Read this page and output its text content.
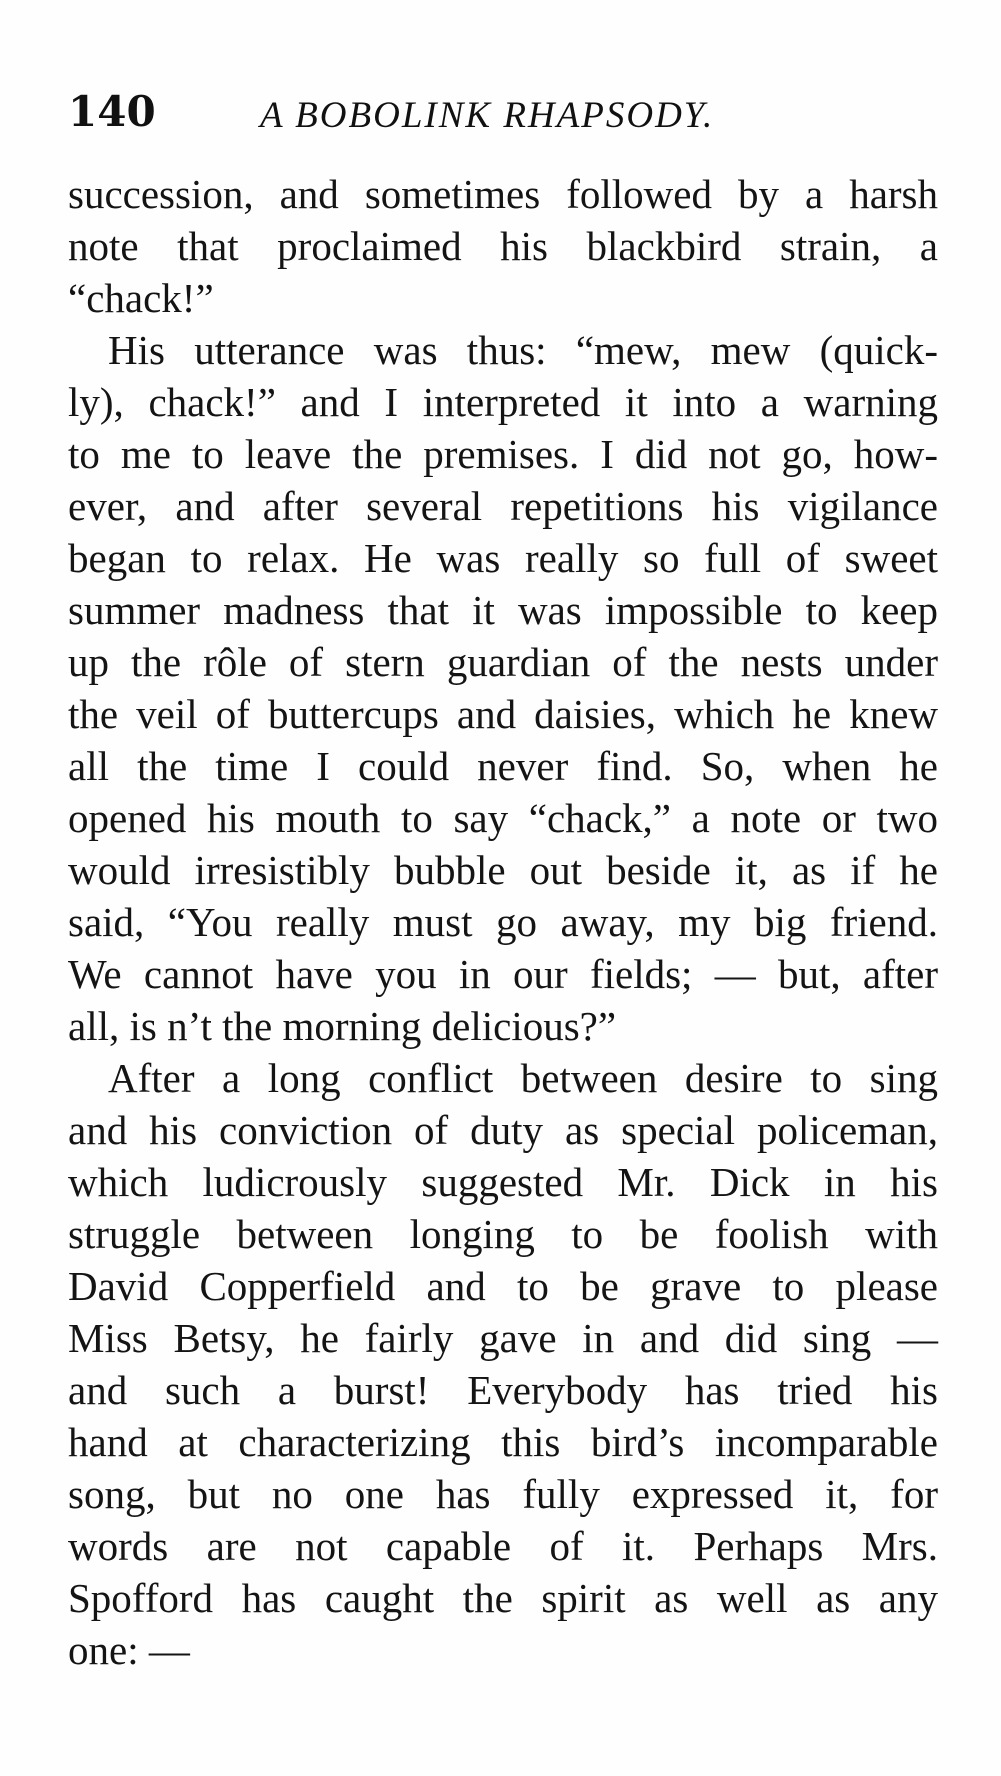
140	A BOBOLINK RHAPSODY.
succession, and sometimes followed by a harsh
note that proclaimed his blackbird strain, a
“chack!”
His utterance was thus: “mew, mew (quick-
ly), chack!” and I interpreted it into a warning
to me to leave the premises. I did not go, how-
ever, and after several repetitions his vigilance
began to relax. He was really so full of sweet
summer madness that it was impossible to keep
up the rôle of stern guardian of the nests under
the veil of buttercups and daisies, which he knew
all the time I could never find. So, when he
opened his mouth to say “chack,” a note or two
would irresistibly bubble out beside it, as if he
said, “You really must go away, my big friend.
We cannot have you in our fields; — but, after
all, is n’t the morning delicious?”
After a long conflict between desire to sing
and his conviction of duty as special policeman,
which ludicrously suggested Mr. Dick in his
struggle between longing to be foolish with
David Copperfield and to be grave to please
Miss Betsy, he fairly gave in and did sing —
and such a burst! Everybody has tried his
hand at characterizing this bird’s incomparable
song, but no one has fully expressed it, for
words are not capable of it. Perhaps Mrs.
Spofford has caught the spirit as well as any
one: —
